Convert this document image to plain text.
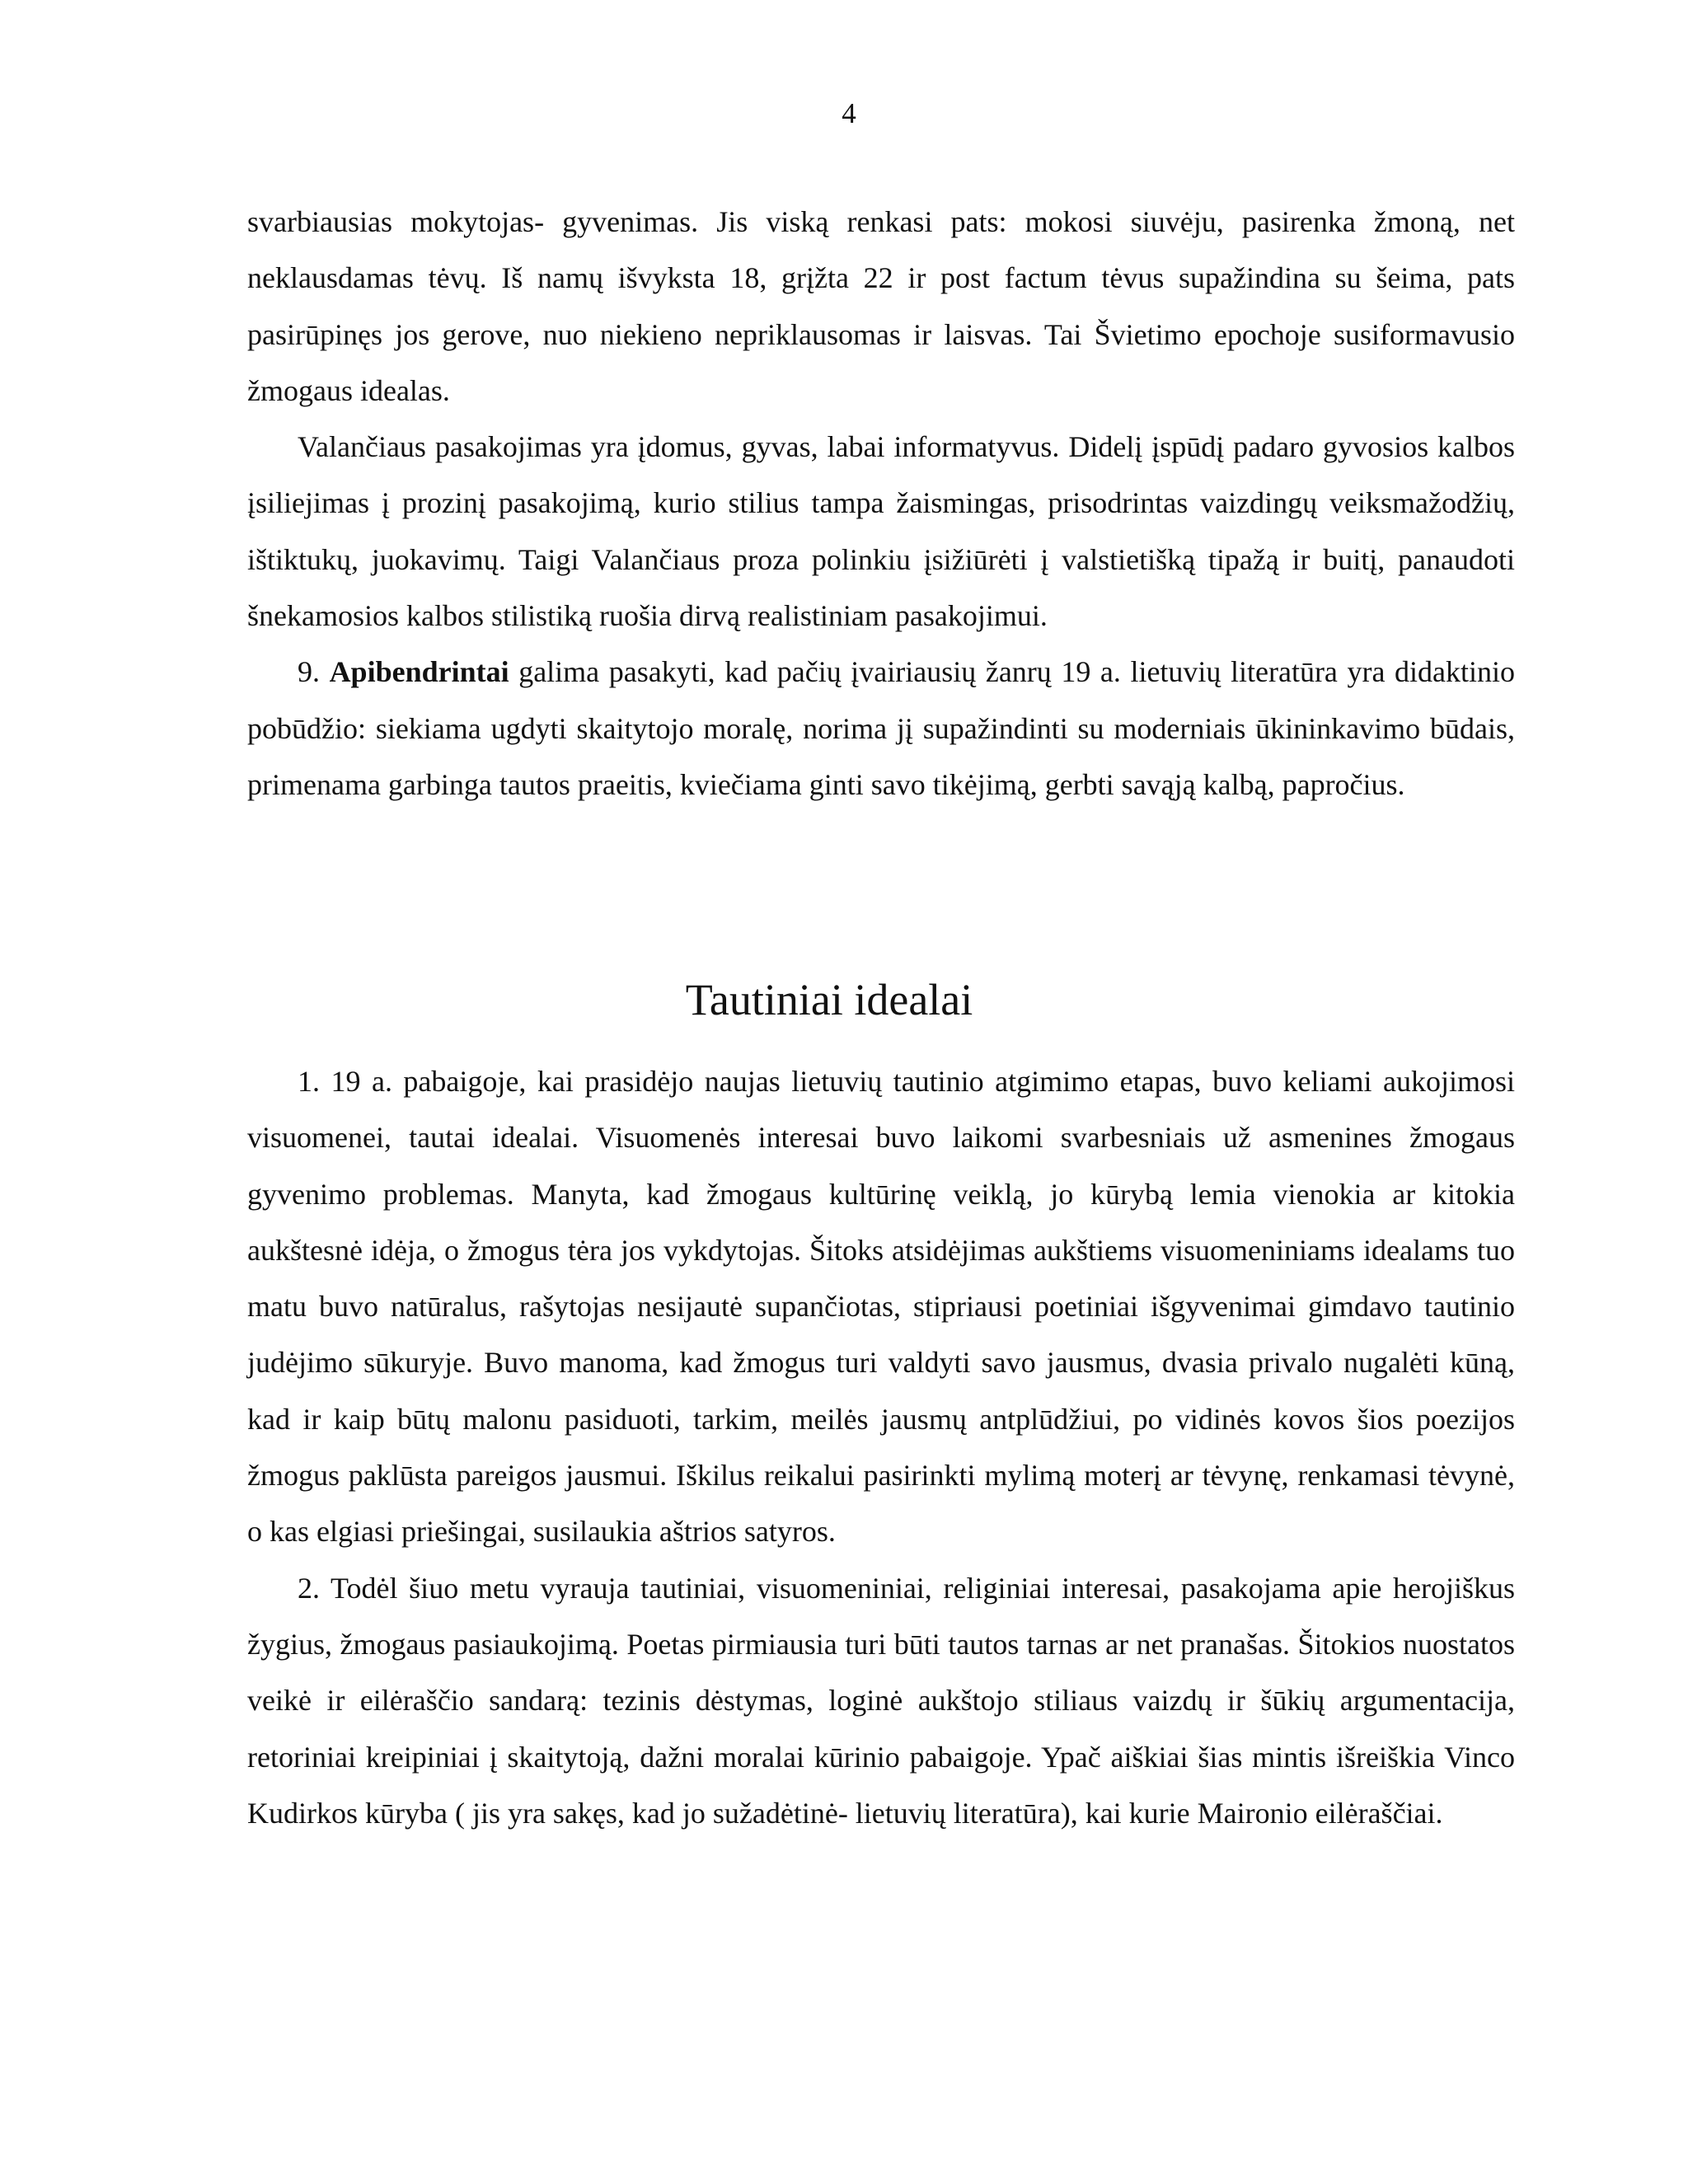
4

svarbiausias mokytojas- gyvenimas. Jis viską renkasi pats: mokosi siuvėju, pasirenka žmoną, net neklausdamas tėvų. Iš namų išvyksta 18, grįžta 22 ir post factum tėvus supažindina su šeima, pats pasirūpinęs jos gerove, nuo niekieno nepriklausomas ir laisvas. Tai Švietimo epochoje susiformavusio žmogaus idealas.

Valančiaus pasakojimas yra įdomus, gyvas, labai informatyvus. Didelį įspūdį padaro gyvosios kalbos įsiliejimas į prozinį pasakojimą, kurio stilius tampa žaismingas, prisodrintas vaizdingų veiksmažodžių, ištiktukų, juokavimų. Taigi Valančiaus proza polinkiu įsižiūrėti į valstietišką tipažą ir buitį, panaudoti šnekamosios kalbos stilistiką ruošia dirvą realistiniam pasakojimui.

9. Apibendrintai galima pasakyti, kad pačių įvairiausių žanrų 19 a. lietuvių literatūra yra didaktinio pobūdžio: siekiama ugdyti skaitytojo moralę, norima jį supažindinti su moderniais ūkininkavimo būdais, primenama garbinga tautos praeitis, kviečiama ginti savo tikėjimą, gerbti savąją kalbą, papročius.

Tautiniai idealai

1. 19 a. pabaigoje, kai prasidėjo naujas lietuvių tautinio atgimimo etapas, buvo keliami aukojimosi visuomenei, tautai idealai. Visuomenės interesai buvo laikomi svarbesniais už asmenines žmogaus gyvenimo problemas. Manyta, kad žmogaus kultūrinę veiklą, jo kūrybą lemia vienokia ar kitokia aukštesnė idėja, o žmogus tėra jos vykdytojas. Šitoks atsidėjimas aukštiems visuomeniniams idealams tuo matu buvo natūralus, rašytojas nesijautė supančiotas, stipriausi poetiniai išgyvenimai gimdavo tautinio judėjimo sūkuryje. Buvo manoma, kad žmogus turi valdyti savo jausmus, dvasia privalo nugalėti kūną, kad ir kaip būtų malonu pasiduoti, tarkim, meilės jausmų antplūdžiui, po vidinės kovos šios poezijos žmogus paklūsta pareigos jausmui. Iškilus reikalui pasirinkti mylimą moterį ar tėvynę, renkamasi tėvynė, o kas elgiasi priešingai, susilaukia aštrios satyros.

2. Todėl šiuo metu vyrauja tautiniai, visuomeniniai, religiniai interesai, pasakojama apie herojiškus žygius, žmogaus pasiaukojimą. Poetas pirmiausia turi būti tautos tarnas ar net pranašas. Šitokios nuostatos veikė ir eilėraščio sandarą: tezinis dėstymas, loginė aukštojo stiliaus vaizdų ir šūkių argumentacija, retoriniai kreipiniai į skaitytoją, dažni moralai kūrinio pabaigoje. Ypač aiškiai šias mintis išreiškia Vinco Kudirkos kūryba ( jis yra sakęs, kad jo sužadėtinė- lietuvių literatūra), kai kurie Maironio eilėraščiai.
